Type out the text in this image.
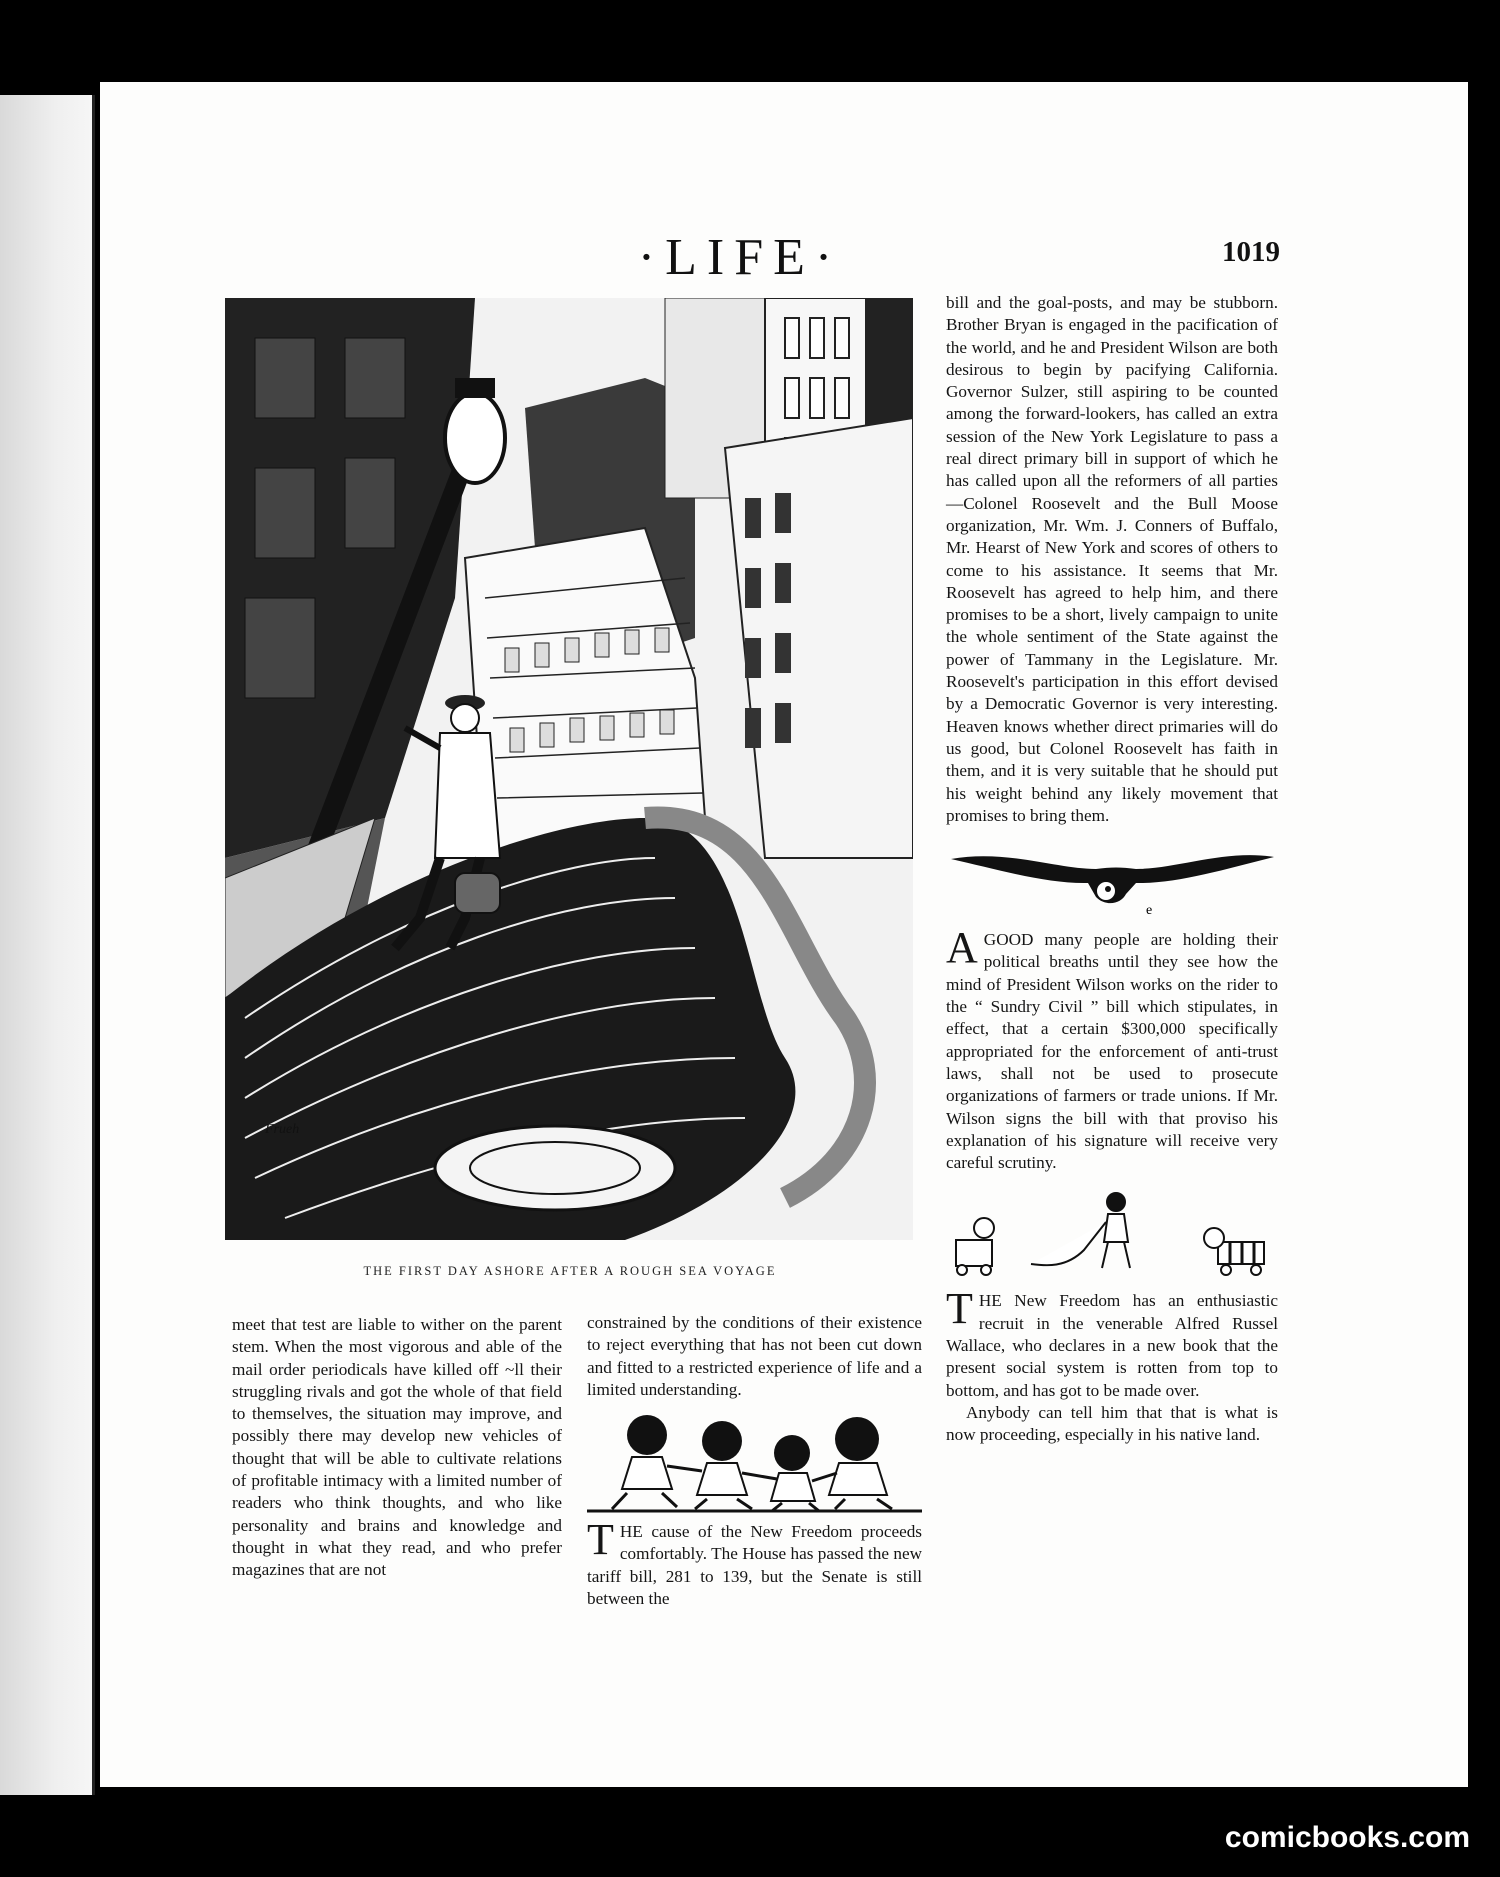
·LIFE·	1019
Frueh
THE FIRST DAY ASHORE AFTER A ROUGH SEA VOYAGE

meet that test are liable to wither on the parent stem. When the most vigorous and able of the mail order periodicals have killed off ~ll their struggling rivals and got the whole of that field to themselves, the situation may improve, and possibly there may develop new vehicles of thought that will be able to cultivate relations of profitable intimacy with a limited number of readers who think thoughts, and who like personality and brains and knowledge and thought in what they read, and who prefer magazines that are not

constrained by the conditions of their existence to reject everything that has not been cut down and fitted to a restricted experience of life and a limited understanding.

THE cause of the New Freedom proceeds comfortably. The House has passed the new tariff bill, 281 to 139, but the Senate is still between the

bill and the goal-posts, and may be stubborn. Brother Bryan is engaged in the pacification of the world, and he and President Wilson are both desirous to begin by pacifying California. Governor Sulzer, still aspiring to be counted among the forward-lookers, has called an extra session of the New York Legislature to pass a real direct primary bill in support of which he has called upon all the reformers of all parties—Colonel Roosevelt and the Bull Moose organization, Mr. Wm. J. Conners of Buffalo, Mr. Hearst of New York and scores of others to come to his assistance. It seems that Mr. Roosevelt has agreed to help him, and there promises to be a short, lively campaign to unite the whole sentiment of the State against the power of Tammany in the Legislature. Mr. Roosevelt's participation in this effort devised by a Democratic Governor is very interesting. Heaven knows whether direct primaries will do us good, but Colonel Roosevelt has faith in them, and it is very suitable that he should put his weight behind any likely movement that promises to bring them.

e

AGOOD many people are holding their political breaths until they see how the mind of President Wilson works on the rider to the “ Sundry Civil ” bill which stipulates, in effect, that a certain $300,000 specifically appropriated for the enforcement of anti-trust laws, shall not be used to prosecute organizations of farmers or trade unions. If Mr. Wilson signs the bill with that proviso his explanation of his signature will receive very careful scrutiny.

THE New Freedom has an enthusiastic recruit in the venerable Alfred Russel Wallace, who declares in a new book that the present social system is rotten from top to bottom, and has got to be made over.

Anybody can tell him that that is what is now proceeding, especially in his native land.

comicbooks.com
